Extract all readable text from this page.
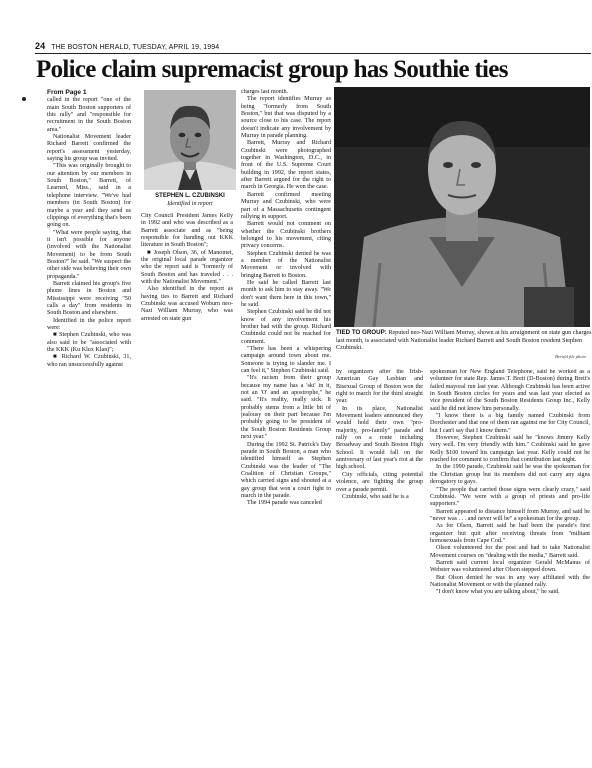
24 THE BOSTON HERALD, TUESDAY, APRIL 19, 1994
Police claim supremacist group has Southie ties

From Page 1

called in the report "one of the main South Boston supporters of this rally" and "responsible for recruitment in the South Boston area."

Nationalist Movement leader Richard Barrett confirmed the report's assessment yesterday, saying his group was invited.

"This was originally brought to our attention by our members in South Boston," Barrett, of Learned, Miss., said in a telephone interview. "We've had members (in South Boston) for maybe a year and they send us clippings of everything that's been going on.

"What were people saying, that it isn't possible for anyone (involved with the Nationalist Movement) to be from South Boston?" he said. "We suspect the other side was believing their own propaganda."

Barrett claimed his group's five phone lines in Boston and Mississippi were receiving "50 calls a day" from residents in South Boston and elsewhere.

Identified in the police report were:

■ Stephen Czubinski, who was also said to be "associated with the KKK (Ku Klux Klan)";

■ Richard W. Czubinski, 31, who ran unsuccessfully against

STEPHEN L. CZUBINSKI
Identified in report

City Council President James Kelly in 1992 and who was described as a Barrett associate and as "being responsible for handing out KKK literature in South Boston";

■ Joseph Olson, 36, of Manomet, the original local parade organizer who the report said is "formerly of South Boston and has traveled . . . with the Nationalist Movement."

Also identified in the report as having ties to Barrett and Richard Czubinski was accused Woburn neo-Nazi William Murray, who was arrested on state gun

charges last month.

The report identifies Murray as being "formerly from South Boston," but that was disputed by a source close to his case. The report doesn't indicate any involvement by Murray in parade planning.

Barrett, Murray and Richard Czubinski were photographed together in Washington, D.C., in front of the U.S. Supreme Court building in 1992, the report states, after Barrett argued for the right to march in Georgia. He won the case.

Barrett confirmed meeting Murray and Czubinski, who were part of a Massachusetts contingent rallying in support.

Barrett would not comment on whether the Czubinski brothers belonged to his movement, citing privacy concerns.

Stephen Czubinski denied he was a member of the Nationalist Movement or involved with bringing Barrett to Boston.

He said he called Barrett last month to ask him to stay away. "We don't want them here in this town," he said.

Stephen Czubinski said he did not know of any involvement his brother had with the group. Richard Czubinski could not be reached for comment.

"There has been a whispering campaign around town about me. Someone is trying to slander me. I can feel it," Stephen Czubinski said.

"It's racism from their group because my name has a 'ski' in it, not an 'O' and an apostrophe," he said. "It's reality, really sick. It probably stems from a little bit of jealousy on their part because I'm probably going to be president of the South Boston Residents Group next year."

During the 1992 St. Patrick's Day parade in South Boston, a man who identified himself as Stephen Czubinski was the leader of "The Coalition of Christian Groups," which carried signs and shouted at a gay group that won a court fight to march in the parade.

The 1994 parade was canceled

TIED TO GROUP: Reputed neo-Nazi William Murray, shown at his arraignment on state gun charges last month, is associated with Nationalist leader Richard Barrett and South Boston resident Stephen Czubinski.
Herald file photo

by organizers after the Irish-American Gay Lesbian and Bisexual Group of Boston won the right to march for the third straight year.

In its place, Nationalist Movement leaders announced they would hold their own "pro-majority, pro-family" parade and rally on a route including Broadway and South Boston High School. It would fall on the anniversary of last year's riot at the high school.

City officials, citing potential violence, are fighting the group over a parade permit.

Czubinski, who said he is a

spokesman for New England Telephone, said he worked as a volunteer for state Rep. James T. Brett (D-Boston) during Brett's failed mayoral run last year. Although Czubinski has been active in South Boston circles for years and was last year elected as vice president of the South Boston Residents Group Inc., Kelly said he did not know him personally.

"I know there is a big family named Czubinski from Dorchester and that one of them ran against me for City Council, but I can't say that I know them."

However, Stephen Czubinski said he "knows Jimmy Kelly very well. I'm very friendly with him." Czubinski said he gave Kelly $100 toward his campaign last year. Kelly could not be reached for comment to confirm that contribution last night.

In the 1990 parade, Czubinski said he was the spokesman for the Christian group but its members did not carry any signs derogatory to gays.

"The people that carried those signs were clearly crazy," said Czubinski. "We were with a group of priests and pro-life supporters."

Barrett appeared to distance himself from Murray, and said he "never was . . . and never will be" a spokesman for the group.

As for Olson, Barrett said he had been the parade's first organizer but quit after receiving threats from "militant homosexuals from Cape Cod."

Olson volunteered for the post and had to take Nationalist Movement courses on "dealing with the media," Barrett said.

Barrett said current local organizer Gerald McManus of Webster was volunteered after Olson stepped down.

But Olson denied he was in any way affiliated with the Nationalist Movement or with the planned rally.

"I don't know what you are talking about," he said.
